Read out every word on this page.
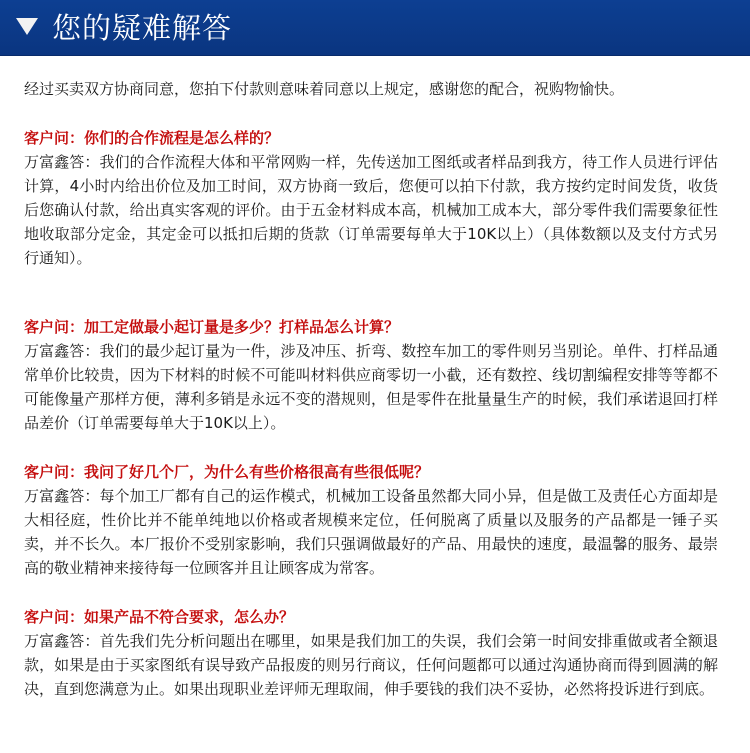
您的疑难解答

经过买卖双方协商同意，您拍下付款则意味着同意以上规定，感谢您的配合，祝购物愉快。

客户问：你们的合作流程是怎么样的？

万富鑫答：我们的合作流程大体和平常网购一样，先传送加工图纸或者样品到我方，待工作人员进行评估计算，4小时内给出价位及加工时间，双方协商一致后，您便可以拍下付款，我方按约定时间发货，收货后您确认付款，给出真实客观的评价。由于五金材料成本高，机械加工成本大，部分零件我们需要象征性地收取部分定金，其定金可以抵扣后期的货款（订单需要每单大于10K以上）（具体数额以及支付方式另行通知）。

客户问：加工定做最小起订量是多少？打样品怎么计算？

万富鑫答：我们的最少起订量为一件，涉及冲压、折弯、数控车加工的零件则另当别论。单件、打样品通常单价比较贵，因为下材料的时候不可能叫材料供应商零切一小截，还有数控、线切割编程安排等等都不可能像量产那样方便，薄利多销是永远不变的潜规则，但是零件在批量量生产的时候，我们承诺退回打样品差价（订单需要每单大于10K以上）。

客户问：我问了好几个厂，为什么有些价格很高有些很低呢？

万富鑫答：每个加工厂都有自己的运作模式，机械加工设备虽然都大同小异，但是做工及责任心方面却是大相径庭，性价比并不能单纯地以价格或者规模来定位，任何脱离了质量以及服务的产品都是一锤子买卖，并不长久。本厂报价不受别家影响，我们只强调做最好的产品、用最快的速度，最温馨的服务、最崇高的敬业精神来接待每一位顾客并且让顾客成为常客。

客户问：如果产品不符合要求，怎么办？

万富鑫答：首先我们先分析问题出在哪里，如果是我们加工的失误，我们会第一时间安排重做或者全额退款，如果是由于买家图纸有误导致产品报废的则另行商议，任何问题都可以通过沟通协商而得到圆满的解决，直到您满意为止。如果出现职业差评师无理取闹，伸手要钱的我们决不妥协，必然将投诉进行到底。
